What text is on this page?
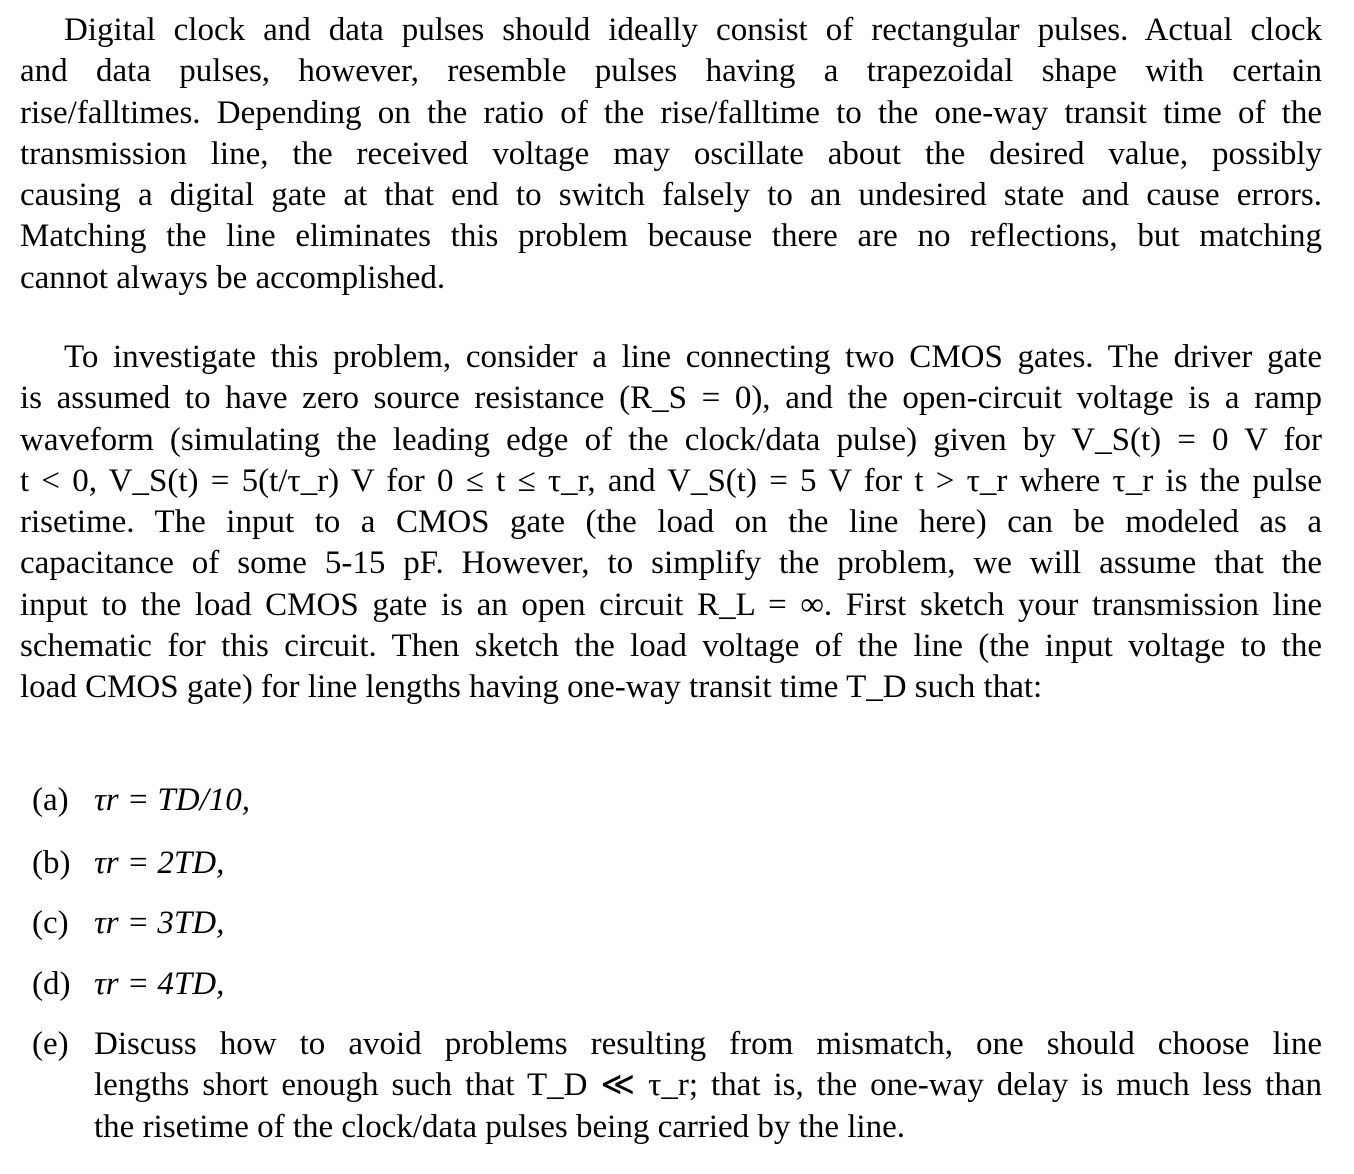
Digital clock and data pulses should ideally consist of rectangular pulses. Actual clock
and data pulses, however, resemble pulses having a trapezoidal shape with certain
rise/falltimes. Depending on the ratio of the rise/falltime to the one-way transit time of the
transmission line, the received voltage may oscillate about the desired value, possibly
causing a digital gate at that end to switch falsely to an undesired state and cause errors.
Matching the line eliminates this problem because there are no reflections, but matching
cannot always be accomplished.
To investigate this problem, consider a line connecting two CMOS gates. The driver gate
is assumed to have zero source resistance (R_S = 0), and the open-circuit voltage is a ramp
waveform (simulating the leading edge of the clock/data pulse) given by V_S(t) = 0 V for
t < 0, V_S(t) = 5(t/τ_r) V for 0 ≤ t ≤ τ_r, and V_S(t) = 5 V for t > τ_r where τ_r is the pulse
risetime. The input to a CMOS gate (the load on the line here) can be modeled as a
capacitance of some 5-15 pF. However, to simplify the problem, we will assume that the
input to the load CMOS gate is an open circuit R_L = ∞. First sketch your transmission line
schematic for this circuit. Then sketch the load voltage of the line (the input voltage to the
load CMOS gate) for line lengths having one-way transit time T_D such that:
(a) τr = TD/10,
(b) τr = 2TD,
(c) τr = 3TD,
(d) τr = 4TD,
(e) Discuss how to avoid problems resulting from mismatch, one should choose line
lengths short enough such that T_D ≪ τ_r; that is, the one-way delay is much less than
the risetime of the clock/data pulses being carried by the line.
